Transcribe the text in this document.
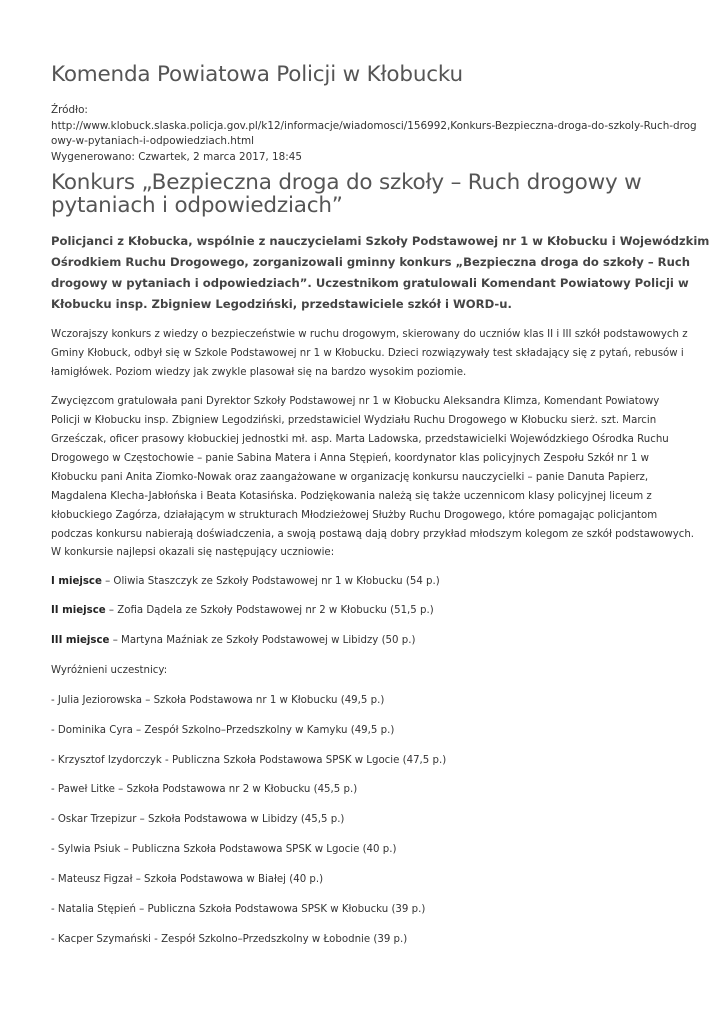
Komenda Powiatowa Policji w Kłobucku
Źródło:
http://www.klobuck.slaska.policja.gov.pl/k12/informacje/wiadomosci/156992,Konkurs-Bezpieczna-droga-do-szkoly-Ruch-drog
owy-w-pytaniach-i-odpowiedziach.html
Wygenerowano: Czwartek, 2 marca 2017, 18:45
Konkurs „Bezpieczna droga do szkoły – Ruch drogowy w
pytaniach i odpowiedziach”

Policjanci z Kłobucka, wspólnie z nauczycielami Szkoły Podstawowej nr 1 w Kłobucku i Wojewódzkim
Ośrodkiem Ruchu Drogowego, zorganizowali gminny konkurs „Bezpieczna droga do szkoły – Ruch
drogowy w pytaniach i odpowiedziach”. Uczestnikom gratulowali Komendant Powiatowy Policji w
Kłobucku insp. Zbigniew Legodziński, przedstawiciele szkół i WORD-u.

Wczorajszy konkurs z wiedzy o bezpieczeństwie w ruchu drogowym, skierowany do uczniów klas II i III szkół podstawowych z
Gminy Kłobuck, odbył się w Szkole Podstawowej nr 1 w Kłobucku. Dzieci rozwiązywały test składający się z pytań, rebusów i
łamigłówek. Poziom wiedzy jak zwykle plasował się na bardzo wysokim poziomie.

Zwycięzcom gratulowała pani Dyrektor Szkoły Podstawowej nr 1 w Kłobucku Aleksandra Klimza, Komendant Powiatowy
Policji w Kłobucku insp. Zbigniew Legodziński, przedstawiciel Wydziału Ruchu Drogowego w Kłobucku sierż. szt. Marcin
Grześczak, oficer prasowy kłobuckiej jednostki mł. asp. Marta Ladowska, przedstawicielki Wojewódzkiego Ośrodka Ruchu
Drogowego w Częstochowie – panie Sabina Matera i Anna Stępień, koordynator klas policyjnych Zespołu Szkół nr 1 w
Kłobucku pani Anita Ziomko-Nowak oraz zaangażowane w organizację konkursu nauczycielki – panie Danuta Papierz,
Magdalena Klecha-Jabłońska i Beata Kotasińska. Podziękowania należą się także uczennicom klasy policyjnej liceum z
kłobuckiego Zagórza, działającym w strukturach Młodzieżowej Służby Ruchu Drogowego, które pomagając policjantom
podczas konkursu nabierają doświadczenia, a swoją postawą dają dobry przykład młodszym kolegom ze szkół podstawowych.

W konkursie najlepsi okazali się następujący uczniowie:

I miejsce – Oliwia Staszczyk ze Szkoły Podstawowej nr 1 w Kłobucku (54 p.)

II miejsce – Zofia Dądela ze Szkoły Podstawowej nr 2 w Kłobucku (51,5 p.)

III miejsce – Martyna Maźniak ze Szkoły Podstawowej w Libidzy (50 p.)

Wyróżnieni uczestnicy:

- Julia Jeziorowska – Szkoła Podstawowa nr 1 w Kłobucku (49,5 p.)

- Dominika Cyra – Zespół Szkolno–Przedszkolny w Kamyku (49,5 p.)

- Krzysztof Izydorczyk - Publiczna Szkoła Podstawowa SPSK w Lgocie (47,5 p.)

- Paweł Litke – Szkoła Podstawowa nr 2 w Kłobucku (45,5 p.)

- Oskar Trzepizur – Szkoła Podstawowa w Libidzy (45,5 p.)

- Sylwia Psiuk – Publiczna Szkoła Podstawowa SPSK w Lgocie (40 p.)

- Mateusz Figzał – Szkoła Podstawowa w Białej (40 p.)

- Natalia Stępień – Publiczna Szkoła Podstawowa SPSK w Kłobucku (39 p.)

- Kacper Szymański - Zespół Szkolno–Przedszkolny w Łobodnie (39 p.)
